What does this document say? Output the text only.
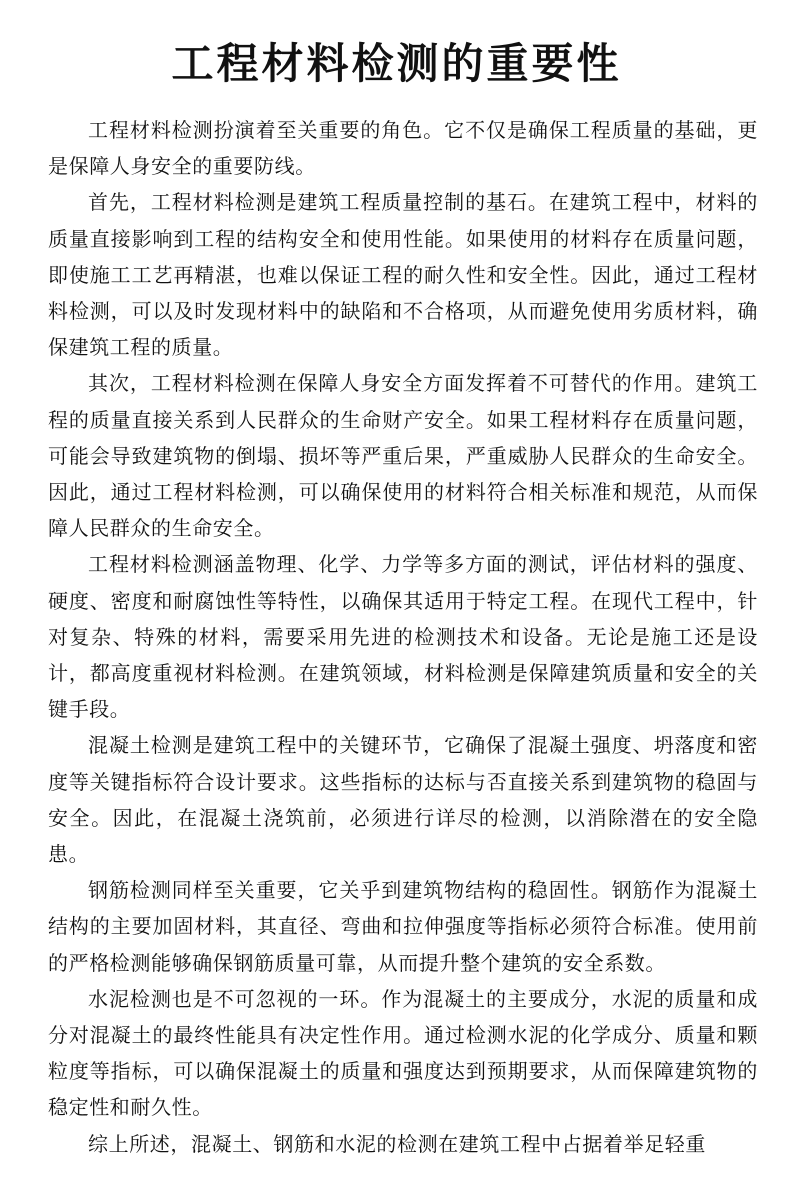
工程材料检测的重要性

工程材料检测扮演着至关重要的角色。它不仅是确保工程质量的基础，更是保障人身安全的重要防线。

首先，工程材料检测是建筑工程质量控制的基石。在建筑工程中，材料的质量直接影响到工程的结构安全和使用性能。如果使用的材料存在质量问题，即使施工工艺再精湛，也难以保证工程的耐久性和安全性。因此，通过工程材料检测，可以及时发现材料中的缺陷和不合格项，从而避免使用劣质材料，确保建筑工程的质量。

其次，工程材料检测在保障人身安全方面发挥着不可替代的作用。建筑工程的质量直接关系到人民群众的生命财产安全。如果工程材料存在质量问题，可能会导致建筑物的倒塌、损坏等严重后果，严重威胁人民群众的生命安全。因此，通过工程材料检测，可以确保使用的材料符合相关标准和规范，从而保障人民群众的生命安全。

工程材料检测涵盖物理、化学、力学等多方面的测试，评估材料的强度、硬度、密度和耐腐蚀性等特性，以确保其适用于特定工程。在现代工程中，针对复杂、特殊的材料，需要采用先进的检测技术和设备。无论是施工还是设计，都高度重视材料检测。在建筑领域，材料检测是保障建筑质量和安全的关键手段。

混凝土检测是建筑工程中的关键环节，它确保了混凝土强度、坍落度和密度等关键指标符合设计要求。这些指标的达标与否直接关系到建筑物的稳固与安全。因此，在混凝土浇筑前，必须进行详尽的检测，以消除潜在的安全隐患。

钢筋检测同样至关重要，它关乎到建筑物结构的稳固性。钢筋作为混凝土结构的主要加固材料，其直径、弯曲和拉伸强度等指标必须符合标准。使用前的严格检测能够确保钢筋质量可靠，从而提升整个建筑的安全系数。

水泥检测也是不可忽视的一环。作为混凝土的主要成分，水泥的质量和成分对混凝土的最终性能具有决定性作用。通过检测水泥的化学成分、质量和颗粒度等指标，可以确保混凝土的质量和强度达到预期要求，从而保障建筑物的稳定性和耐久性。

综上所述，混凝土、钢筋和水泥的检测在建筑工程中占据着举足轻重
